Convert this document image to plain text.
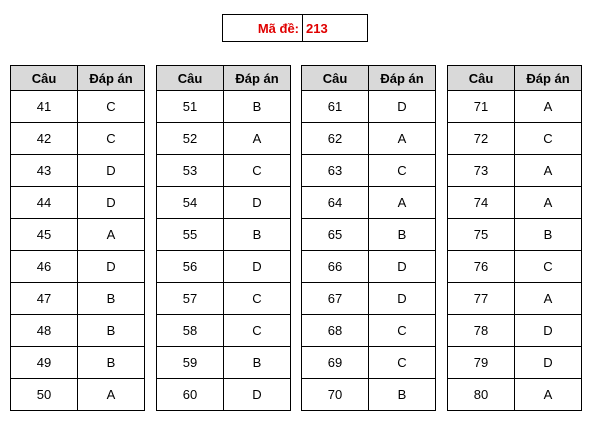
Mã đề: 213
Câu	Đáp án
41	C
42	C
43	D
44	D
45	A
46	D
47	B
48	B
49	B
50	A
Câu	Đáp án
51	B
52	A
53	C
54	D
55	B
56	D
57	C
58	C
59	B
60	D
Câu	Đáp án
61	D
62	A
63	C
64	A
65	B
66	D
67	D
68	C
69	C
70	B
Câu	Đáp án
71	A
72	C
73	A
74	A
75	B
76	C
77	A
78	D
79	D
80	A
